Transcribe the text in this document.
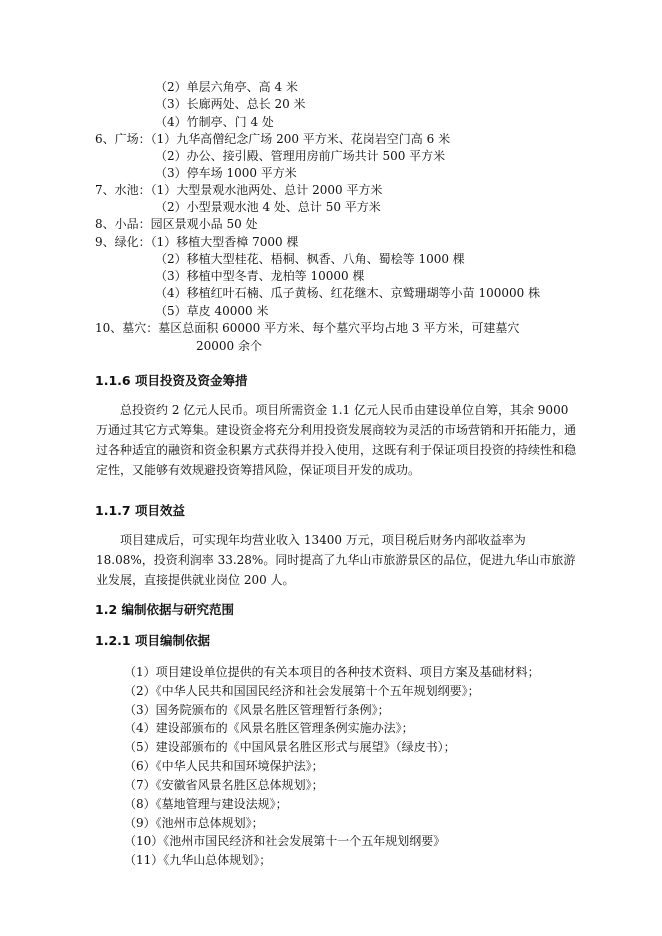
（2）单层六角亭、高 4 米
（3）长廊两处、总长 20 米
（4）竹制亭、门 4 处
6、广场：（1）九华高僧纪念广场 200 平方米、花岗岩空门高 6 米
（2）办公、接引殿、管理用房前广场共计 500 平方米
（3）停车场 1000 平方米
7、水池：（1）大型景观水池两处、总计 2000 平方米
（2）小型景观水池 4 处、总计 50 平方米
8、小品：园区景观小品 50 处
9、绿化：（1）移植大型香樟 7000 棵
（2）移植大型桂花、梧桐、枫香、八角、蜀桧等 1000 棵
（3）移植中型冬青、龙柏等 10000 棵
（4）移植红叶石楠、瓜子黄杨、红花继木、京鹫珊瑚等小苗 100000 株
（5）草皮 40000 米
10、墓穴：墓区总面积 60000 平方米、每个墓穴平均占地 3 平方米，可建墓穴
20000 余个
1.1.6 项目投资及资金筹措
总投资约 2 亿元人民币。项目所需资金 1.1 亿元人民币由建设单位自筹，其余 9000 万通过其它方式筹集。建设资金将充分利用投资发展商较为灵活的市场营销和开拓能力，通过各种适宜的融资和资金积累方式获得并投入使用，这既有利于保证项目投资的持续性和稳定性，又能够有效规避投资筹措风险，保证项目开发的成功。
1.1.7 项目效益
项目建成后，可实现年均营业收入 13400 万元，项目税后财务内部收益率为 18.08%，投资利润率 33.28%。同时提高了九华山市旅游景区的品位，促进九华山市旅游业发展，直接提供就业岗位 200 人。
1.2 编制依据与研究范围
1.2.1 项目编制依据
（1）项目建设单位提供的有关本项目的各种技术资料、项目方案及基础材料；
（2）《中华人民共和国国民经济和社会发展第十个五年规划纲要》；
（3）国务院颁布的《风景名胜区管理暂行条例》；
（4）建设部颁布的《风景名胜区管理条例实施办法》；
（5）建设部颁布的《中国风景名胜区形式与展望》（绿皮书）；
（6）《中华人民共和国环境保护法》；
（7）《安徽省风景名胜区总体规划》；
（8）《墓地管理与建设法规》；
（9）《池州市总体规划》；
（10）《池州市国民经济和社会发展第十一个五年规划纲要》
（11）《九华山总体规划》；
